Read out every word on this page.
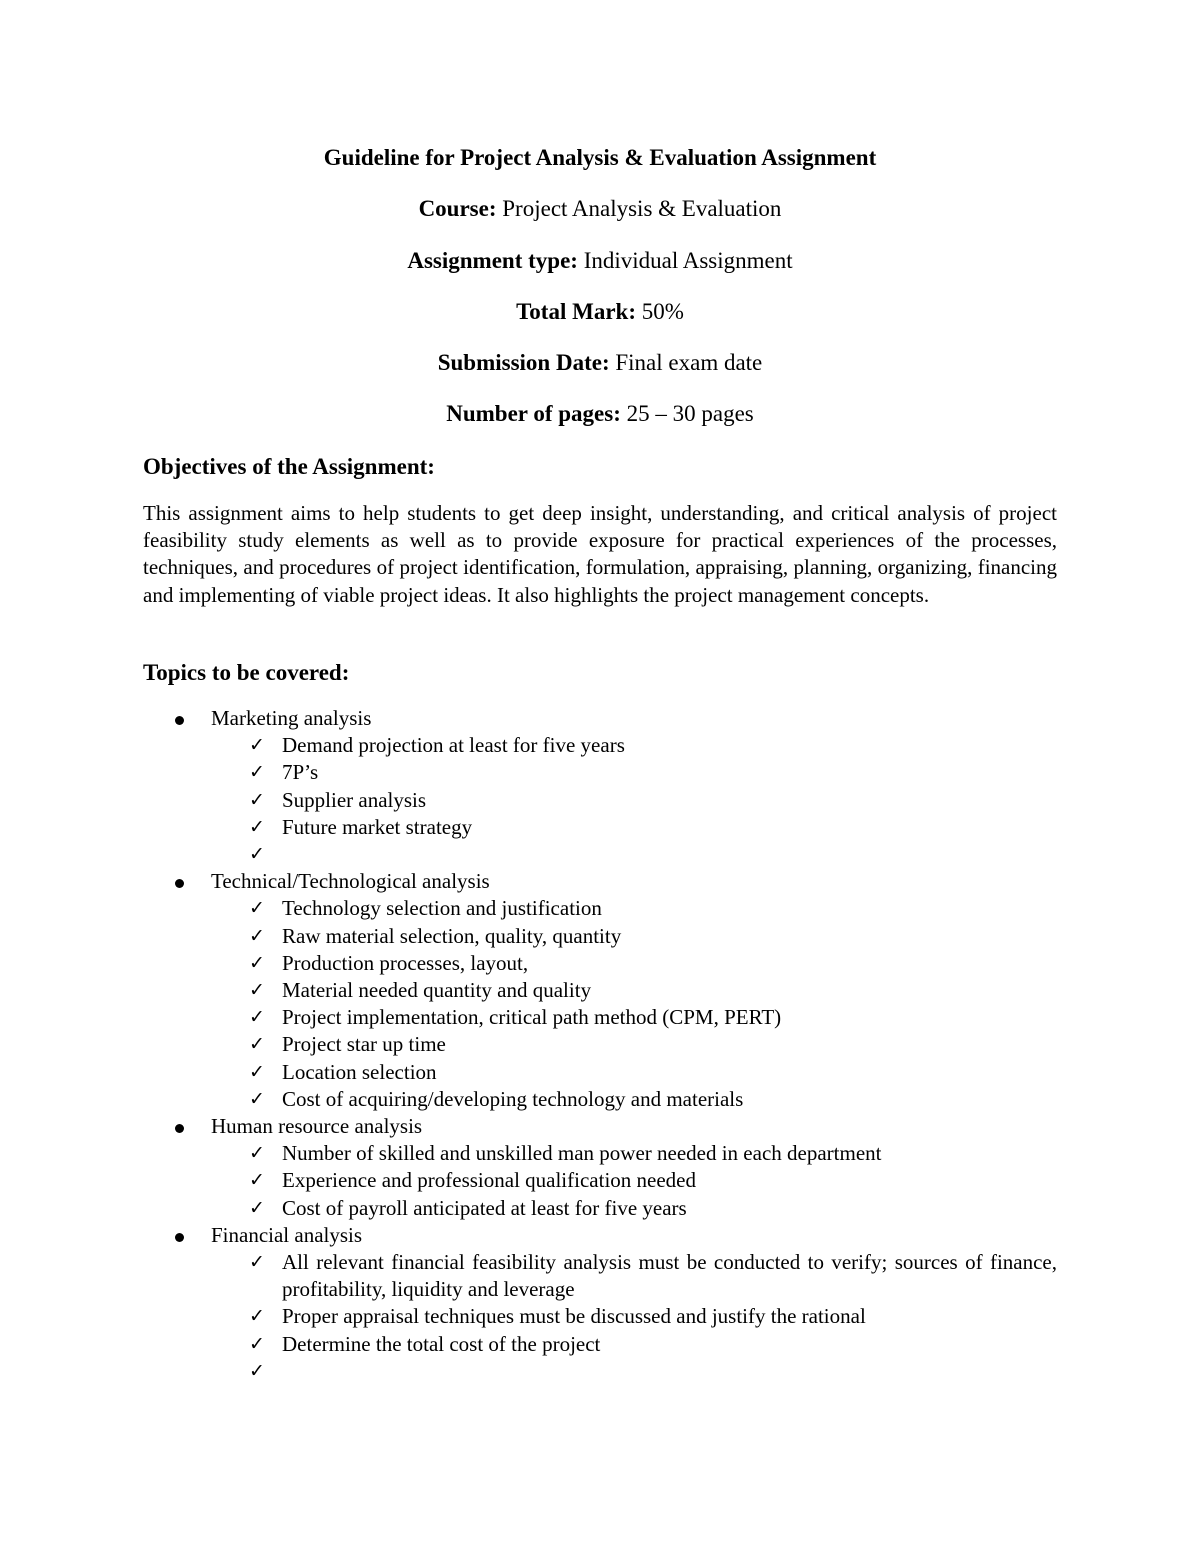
Guideline for Project Analysis & Evaluation Assignment
Course: Project Analysis & Evaluation
Assignment type: Individual Assignment
Total Mark: 50%
Submission Date: Final exam date
Number of pages: 25 – 30 pages
Objectives of the Assignment:

This assignment aims to help students to get deep insight, understanding, and critical analysis of project feasibility study elements as well as to provide exposure for practical experiences of the processes, techniques, and procedures of project identification, formulation, appraising, planning, organizing, financing and implementing of viable project ideas. It also highlights the project management concepts.

Topics to be covered:
Marketing analysis
✓ Demand projection at least for five years
✓ 7P’s
✓ Supplier analysis
✓ Future market strategy
✓
Technical/Technological analysis
✓ Technology selection and justification
✓ Raw material selection, quality, quantity
✓ Production processes, layout,
✓ Material needed quantity and quality
✓ Project implementation, critical path method (CPM, PERT)
✓ Project star up time
✓ Location selection
✓ Cost of acquiring/developing technology and materials
Human resource analysis
✓ Number of skilled and unskilled man power needed in each department
✓ Experience and professional qualification needed
✓ Cost of payroll anticipated at least for five years
Financial analysis
✓ All relevant financial feasibility analysis must be conducted to verify; sources of finance, profitability, liquidity and leverage
✓ Proper appraisal techniques must be discussed and justify the rational
✓ Determine the total cost of the project
✓
